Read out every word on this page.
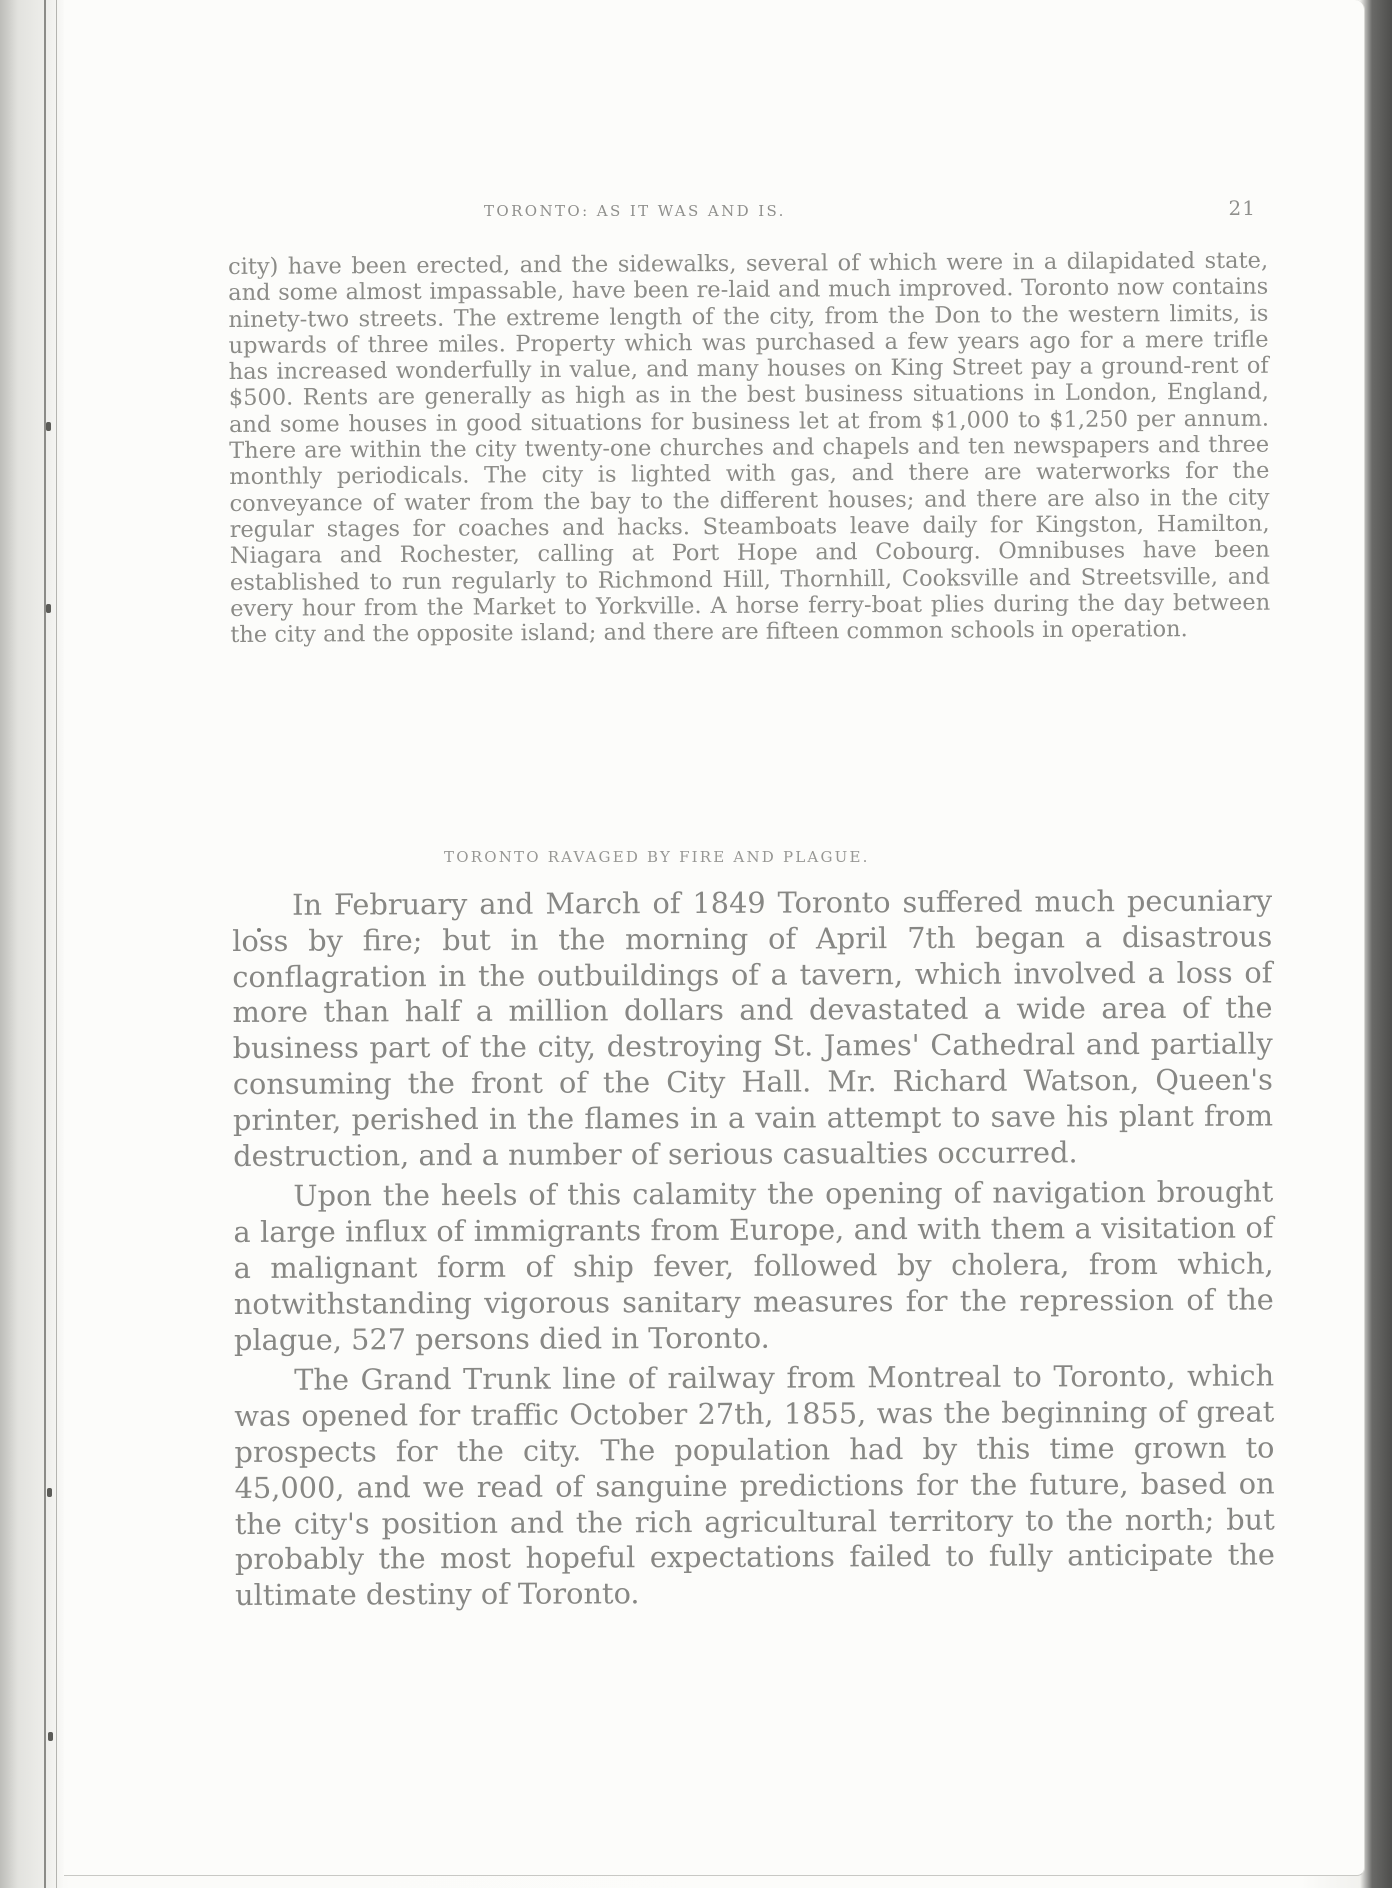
TORONTO: AS IT WAS AND IS.	21

city) have been erected, and the sidewalks, several of which were in a dilapidated state, and some almost impassable, have been re-laid and much improved. Toronto now contains ninety-two streets. The extreme length of the city, from the Don to the western limits, is upwards of three miles. Property which was purchased a few years ago for a mere trifle has increased wonderfully in value, and many houses on King Street pay a ground-rent of $500. Rents are generally as high as in the best business situations in London, England, and some houses in good situations for business let at from $1,000 to $1,250 per annum. There are within the city twenty-one churches and chapels and ten newspapers and three monthly periodicals. The city is lighted with gas, and there are waterworks for the conveyance of water from the bay to the different houses; and there are also in the city regular stages for coaches and hacks. Steamboats leave daily for Kingston, Hamilton, Niagara and Rochester, calling at Port Hope and Cobourg. Omnibuses have been established to run regularly to Richmond Hill, Thornhill, Cooksville and Streetsville, and every hour from the Market to Yorkville. A horse ferry-boat plies during the day between the city and the opposite island; and there are fifteen common schools in operation.

TORONTO RAVAGED BY FIRE AND PLAGUE.

In February and March of 1849 Toronto suffered much pecuniary loss by fire; but in the morning of April 7th began a disastrous conflagration in the outbuildings of a tavern, which involved a loss of more than half a million dollars and devastated a wide area of the business part of the city, destroying St. James' Cathedral and partially consuming the front of the City Hall. Mr. Richard Watson, Queen's printer, perished in the flames in a vain attempt to save his plant from destruction, and a number of serious casualties occurred.

Upon the heels of this calamity the opening of navigation brought a large influx of immigrants from Europe, and with them a visitation of a malignant form of ship fever, followed by cholera, from which, notwithstanding vigorous sanitary measures for the repression of the plague, 527 persons died in Toronto.

The Grand Trunk line of railway from Montreal to Toronto, which was opened for traffic October 27th, 1855, was the beginning of great prospects for the city. The population had by this time grown to 45,000, and we read of sanguine predictions for the future, based on the city's position and the rich agricultural territory to the north; but probably the most hopeful expectations failed to fully anticipate the ultimate destiny of Toronto.
